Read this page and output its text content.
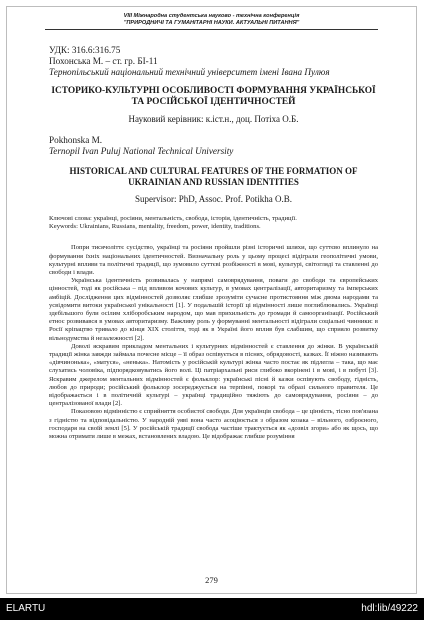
VIII Міжнародна студентська науково - технічна конференція
"ПРИРОДНИЧІ ТА ГУМАНІТАРНІ НАУКИ. АКТУАЛЬНІ ПИТАННЯ"
УДК: 316.6:316.75
Похонська М. – ст. гр. БІ-11
Тернопільський національний технічний університет імені Івана Пулюя
ІСТОРИКО-КУЛЬТУРНІ ОСОБЛИВОСТІ ФОРМУВАННЯ УКРАЇНСЬКОЇ ТА РОСІЙСЬКОЇ ІДЕНТИЧНОСТЕЙ
Науковий керівник: к.іст.н., доц. Потіха О.Б.
Pokhonska M.
Ternopil Ivan Puluj National Technical University
HISTORICAL AND CULTURAL FEATURES OF THE FORMATION OF UKRAINIAN AND RUSSIAN IDENTITIES
Supervisor: PhD, Assoc. Prof. Potikha O.B.
Ключові слова: українці, росіяни, ментальність, свобода, історія, ідентичність, традиції.
Keywords: Ukrainians, Russians, mentality, freedom, power, identity, traditions.

Попри тисячоліттє сусідство, українці та росіяни пройшли різні історичні шляхи, що суттєво вплинуло на формування їхніх національних ідентичностей. Визначальну роль у цьому процесі відіграли геополітичні умови, культурні впливи та політичні традиції, що зумовило суттєві розбіжності в мові, культурі, світогляді та ставленні до свободи і влади.

Українська ідентичність розвивалась у напрямі самоврядування, поваги до свободи та європейських цінностей, тоді як російська – під впливом кочових культур, в умовах централізації, авторитаризму та імперських амбіцій. Дослідження цих відмінностей дозволяє глибше зрозуміти сучасне протистояння між двома народами та усвідомити витоки української унікальності [1]. У подальшій історії ці відмінності лише поглиблювались. Українці здебільшого були осілим хліборобським народом, що мав прихильність до громади й самоорганізації. Російський етнос розвивався в умовах авторитаризму. Важливу роль у формуванні ментальності відіграли соціальні чинники: в Росії кріпацтво тривало до кінця ХІХ століття, тоді як в Україні його вплив був слабшим, що сприяло розвитку вільнодумства й незалежності [2].

Доволі яскравим прикладом ментальних і культурних відмінностей є ставлення до жінки. В українській традиції жінка завжди займала почесне місце – її образ оспівується в піснях, обрядовості, казках. Її ніжно називають «дівчинонька», «матуся», «ненька». Натомість у російській культурі жінка часто постає як підлегла – така, що має слухатись чоловіка, підпорядковуватись його волі. Ці патріархальні риси глибоко вкорінені і в мові, і в побуті [3]. Яскравим джерелом ментальних відмінностей є фольклор: українські пісні й казки оспівують свободу, гідність, любов до природи; російський фольклор зосереджується на терпінні, покорі та образі сильного правителя. Це відображається і в політичній культурі – українці традиційно тяжіють до самоврядування, росіяни – до централізованої влади [2].

Показовою відмінністю є сприйняття особистої свободи. Для українців свобода – це цінність, тісно пов'язана з гідністю та відповідальністю. У народній уяві вона часто асоціюється з образом козака – вільного, озброєного, господаря на своїй землі [5]. У російській традиції свобода частіше трактується як «дозвіл згори» або як щось, що можна отримати лише в межах, встановлених владою. Це відображає глибше розуміння

279
ELARTU	hdl:lib/49222
